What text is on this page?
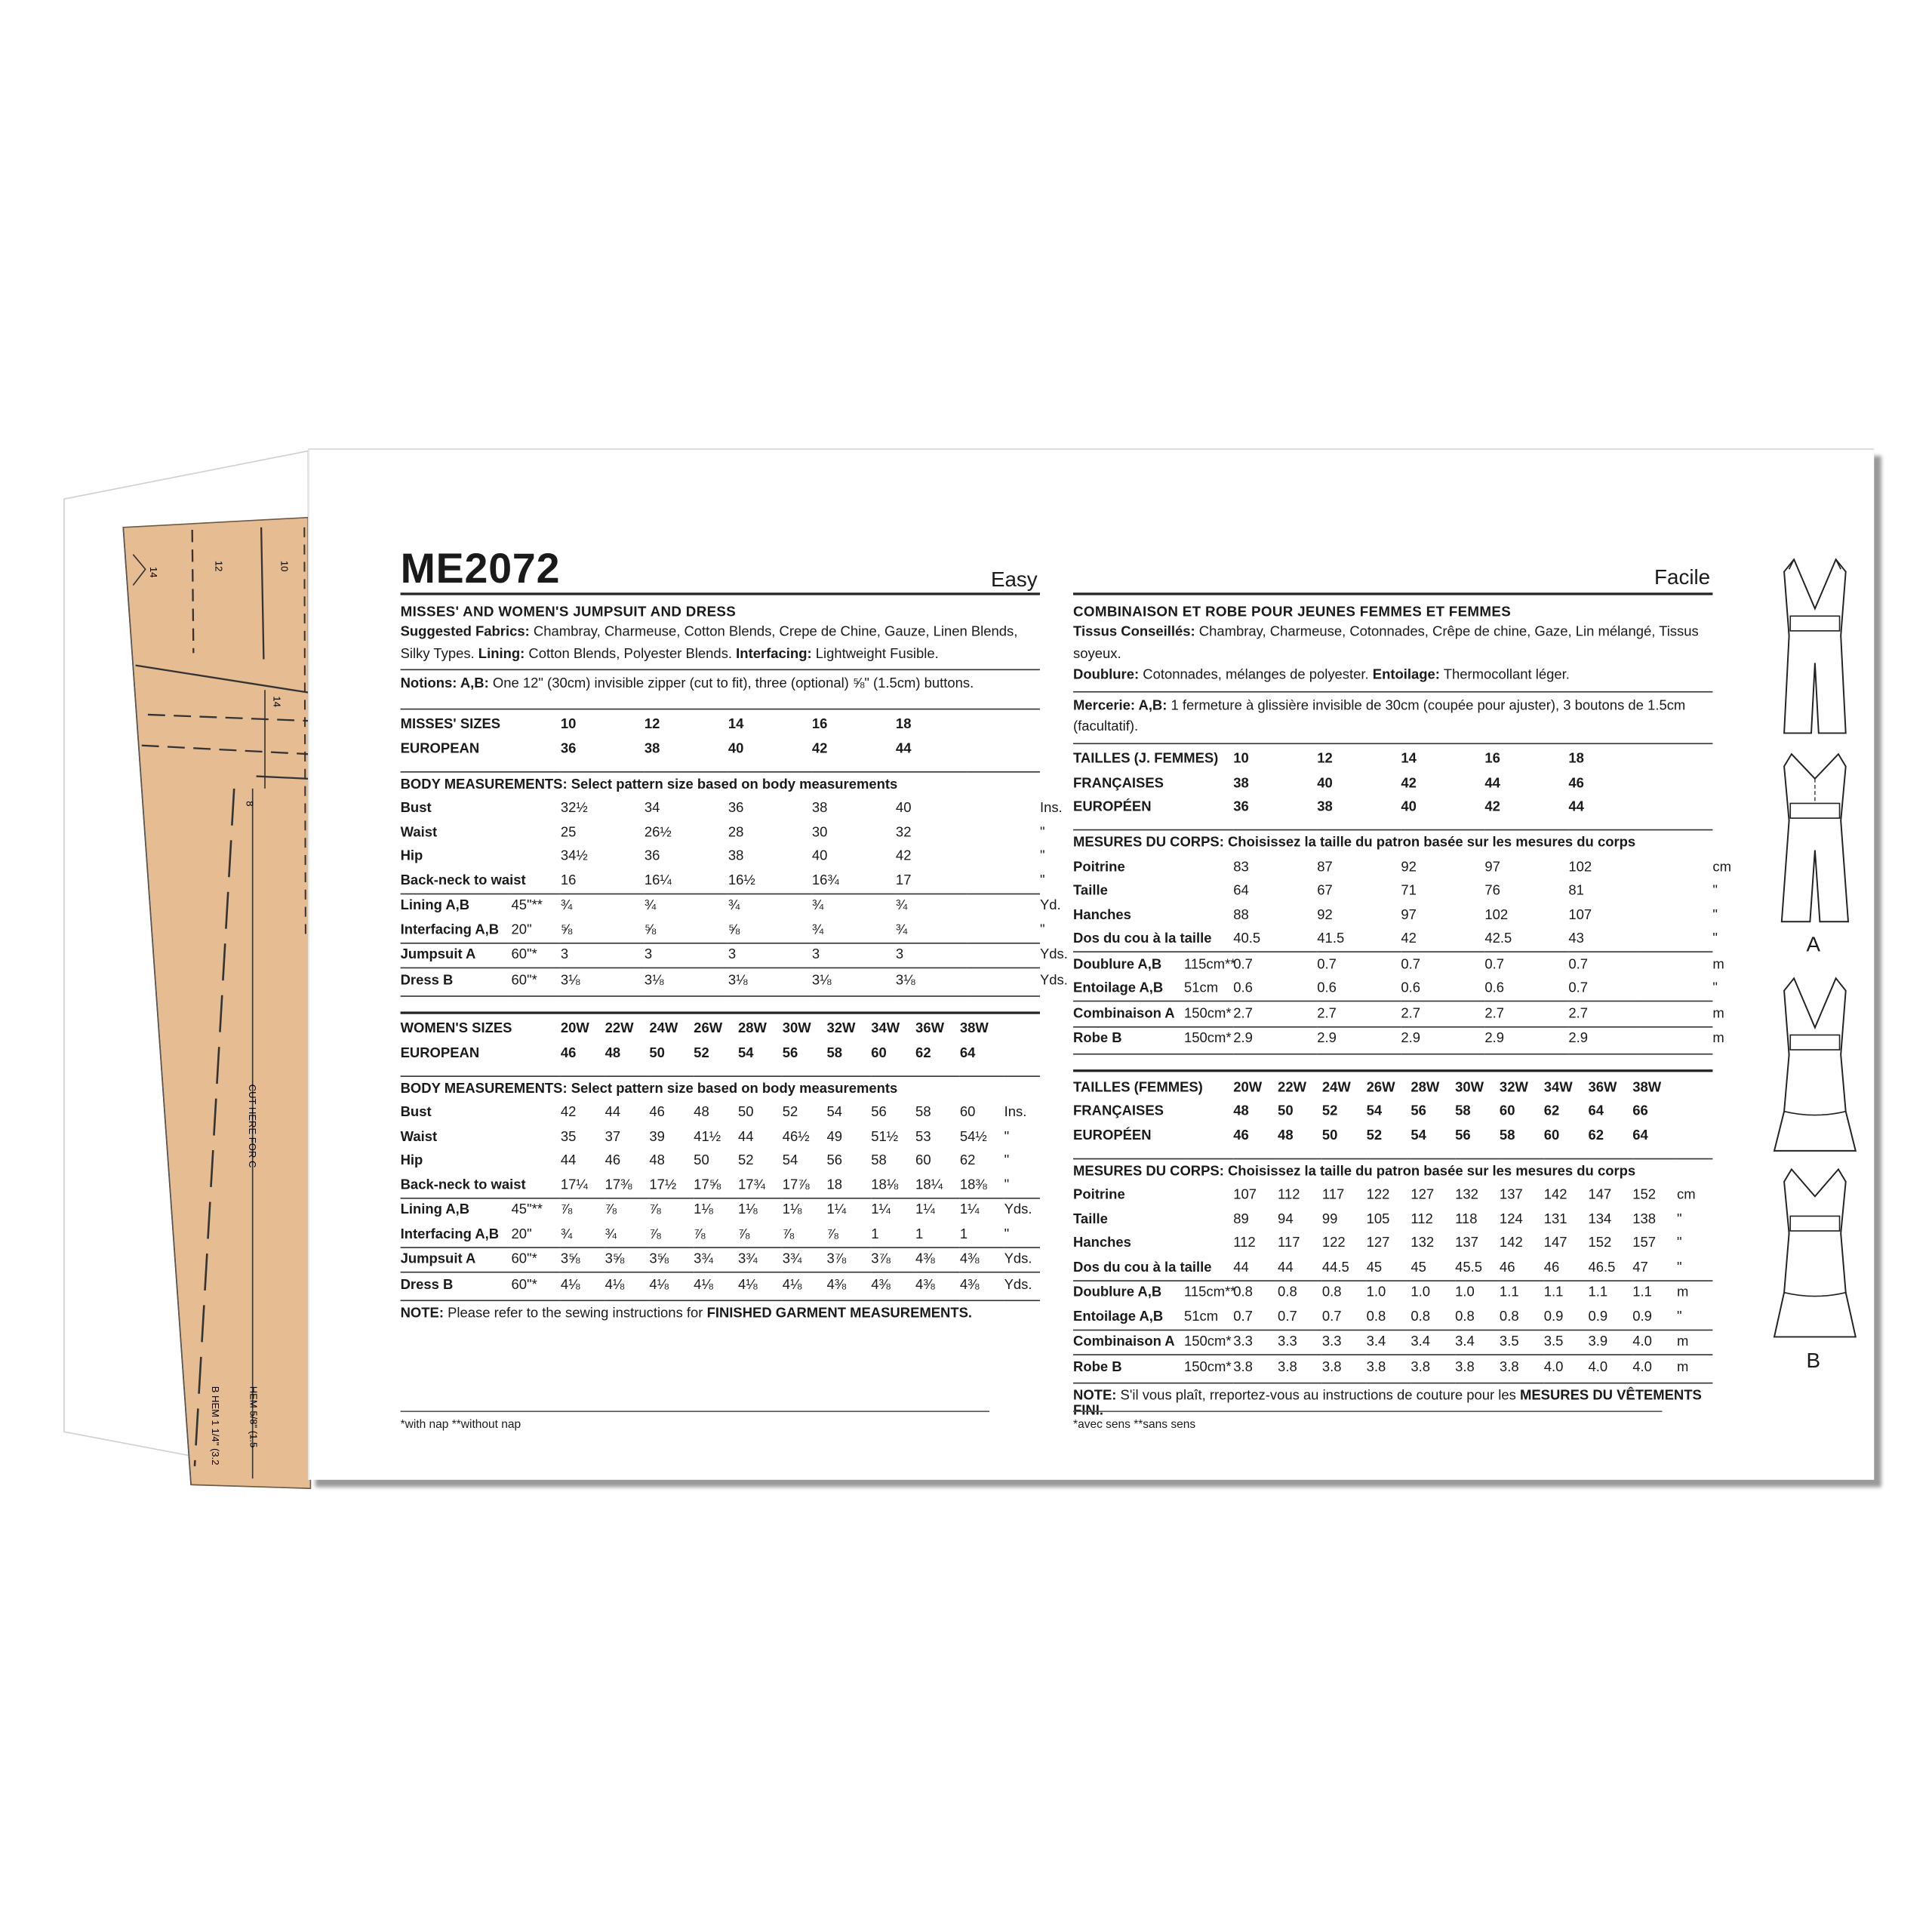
14
12	10
14
8
CUT HERE FOR C
B HEM 1 1/4" (3.2	HEM 5/8" (1.5
ME2072	Easy
MISSES' AND WOMEN'S JUMPSUIT AND DRESS
Suggested Fabrics: Chambray, Charmeuse, Cotton Blends, Crepe de Chine, Gauze, Linen Blends, Silky Types. Lining: Cotton Blends, Polyester Blends. Interfacing: Lightweight Fusible.
Notions: A,B: One 12" (30cm) invisible zipper (cut to fit), three (optional) ⅝" (1.5cm) buttons.
MISSES' SIZES		10	12	14	16	18		
EUROPEAN		36	38	40	42	44		

BODY MEASUREMENTS: Select pattern size based on body measurements								
Bust		32½	34	36	38	40		Ins.
Waist		25	26½	28	30	32		"
Hip		34½	36	38	40	42		"
Back-neck to waist		16	16¼	16½	16¾	17		"
Lining A,B	45"**	¾	¾	¾	¾	¾		Yd.
Interfacing A,B	20"	⅝	⅝	⅝	¾	¾		"
Jumpsuit A	60"*	3	3	3	3	3		Yds.
Dress B	60"*	3⅛	3⅛	3⅛	3⅛	3⅛		Yds.

WOMEN'S SIZES		20W	22W	24W	26W	28W	30W	32W	34W	36W	38W	
EUROPEAN		46	48	50	52	54	56	58	60	62	64	

BODY MEASUREMENTS: Select pattern size based on body measurements												
Bust		42	44	46	48	50	52	54	56	58	60	Ins.
Waist		35	37	39	41½	44	46½	49	51½	53	54½	"
Hip		44	46	48	50	52	54	56	58	60	62	"
Back-neck to waist		17¼	17⅜	17½	17⅝	17¾	17⅞	18	18⅛	18¼	18⅜	"
Lining A,B	45"**	⅞	⅞	⅞	1⅛	1⅛	1⅛	1¼	1¼	1¼	1¼	Yds.
Interfacing A,B	20"	¾	¾	⅞	⅞	⅞	⅞	⅞	1	1	1	"
Jumpsuit A	60"*	3⅝	3⅝	3⅝	3¾	3¾	3¾	3⅞	3⅞	4⅜	4⅜	Yds.
Dress B	60"*	4⅛	4⅛	4⅛	4⅛	4⅛	4⅛	4⅜	4⅜	4⅜	4⅜	Yds.

NOTE: Please refer to the sewing instructions for FINISHED GARMENT MEASUREMENTS.
Facile
COMBINAISON ET ROBE POUR JEUNES FEMMES ET FEMMES
Tissus Conseillés: Chambray, Charmeuse, Cotonnades, Crêpe de chine, Gaze, Lin mélangé, Tissus soyeux.
Doublure: Cotonnades, mélanges de polyester. Entoilage: Thermocollant léger.
Mercerie: A,B: 1 fermeture à glissière invisible de 30cm (coupée pour ajuster), 3 boutons de 1.5cm (facultatif).
TAILLES (J. FEMMES)		10	12	14	16	18		
FRANÇAISES		38	40	42	44	46		
EUROPÉEN		36	38	40	42	44		

MESURES DU CORPS: Choisissez la taille du patron basée sur les mesures du corps								
Poitrine		83	87	92	97	102		cm
Taille		64	67	71	76	81		"
Hanches		88	92	97	102	107		"
Dos du cou à la taille		40.5	41.5	42	42.5	43		"
Doublure A,B	115cm**	0.7	0.7	0.7	0.7	0.7		m
Entoilage A,B	51cm	0.6	0.6	0.6	0.6	0.7		"
Combinaison A	150cm*	2.7	2.7	2.7	2.7	2.7		m
Robe B	150cm*	2.9	2.9	2.9	2.9	2.9		m

TAILLES (FEMMES)		20W	22W	24W	26W	28W	30W	32W	34W	36W	38W	
FRANÇAISES		48	50	52	54	56	58	60	62	64	66	
EUROPÉEN		46	48	50	52	54	56	58	60	62	64	

MESURES DU CORPS: Choisissez la taille du patron basée sur les mesures du corps												
Poitrine		107	112	117	122	127	132	137	142	147	152	cm
Taille		89	94	99	105	112	118	124	131	134	138	"
Hanches		112	117	122	127	132	137	142	147	152	157	"
Dos du cou à la taille		44	44	44.5	45	45	45.5	46	46	46.5	47	"
Doublure A,B	115cm**	0.8	0.8	0.8	1.0	1.0	1.0	1.1	1.1	1.1	1.1	m
Entoilage A,B	51cm	0.7	0.7	0.7	0.8	0.8	0.8	0.8	0.9	0.9	0.9	"
Combinaison A	150cm*	3.3	3.3	3.3	3.4	3.4	3.4	3.5	3.5	3.9	4.0	m
Robe B	150cm*	3.8	3.8	3.8	3.8	3.8	3.8	3.8	4.0	4.0	4.0	m

NOTE: S'il vous plaît, rreportez-vous au instructions de couture pour les MESURES DU VÊTEMENTS FINI.
*with nap **without nap	*avec sens **sans sens
A
B
